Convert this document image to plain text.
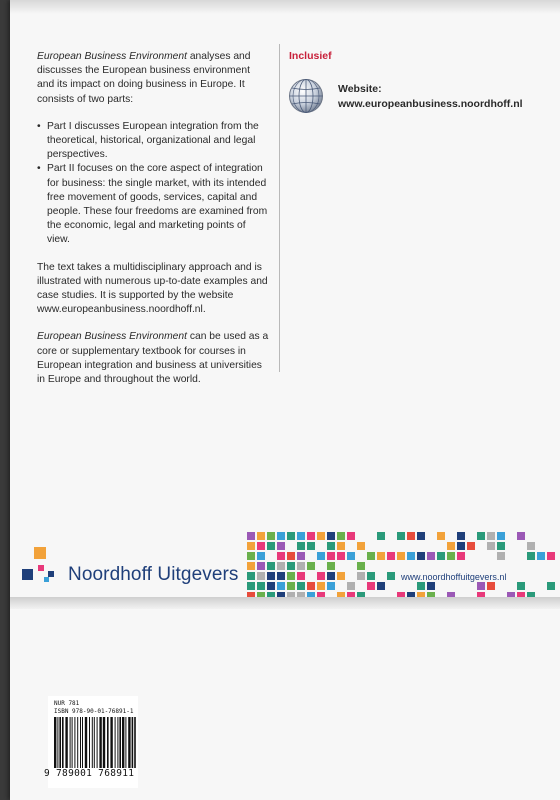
European Business Environment analyses and discusses the European business environment and its impact on doing business in Europe. It consists of two parts:

• Part I discusses European integration from the theoretical, historical, organizational and legal perspectives.
• Part II focuses on the core aspect of integration for business: the single market, with its intended free movement of goods, services, capital and people. These four freedoms are examined from the economic, legal and marketing points of view.

The text takes a multidisciplinary approach and is illustrated with numerous up-to-date examples and case studies. It is supported by the website www.europeanbusiness.noordhoff.nl.

European Business Environment can be used as a core or supplementary textbook for courses in European integration and business at universities in Europe and throughout the world.

Inclusief
Website:
www.europeanbusiness.noordhoff.nl
Noordhoff Uitgevers	www.noordhoffuitgevers.nl
NUR 781
ISBN 978-90-01-76891-1
9 789001 768911
